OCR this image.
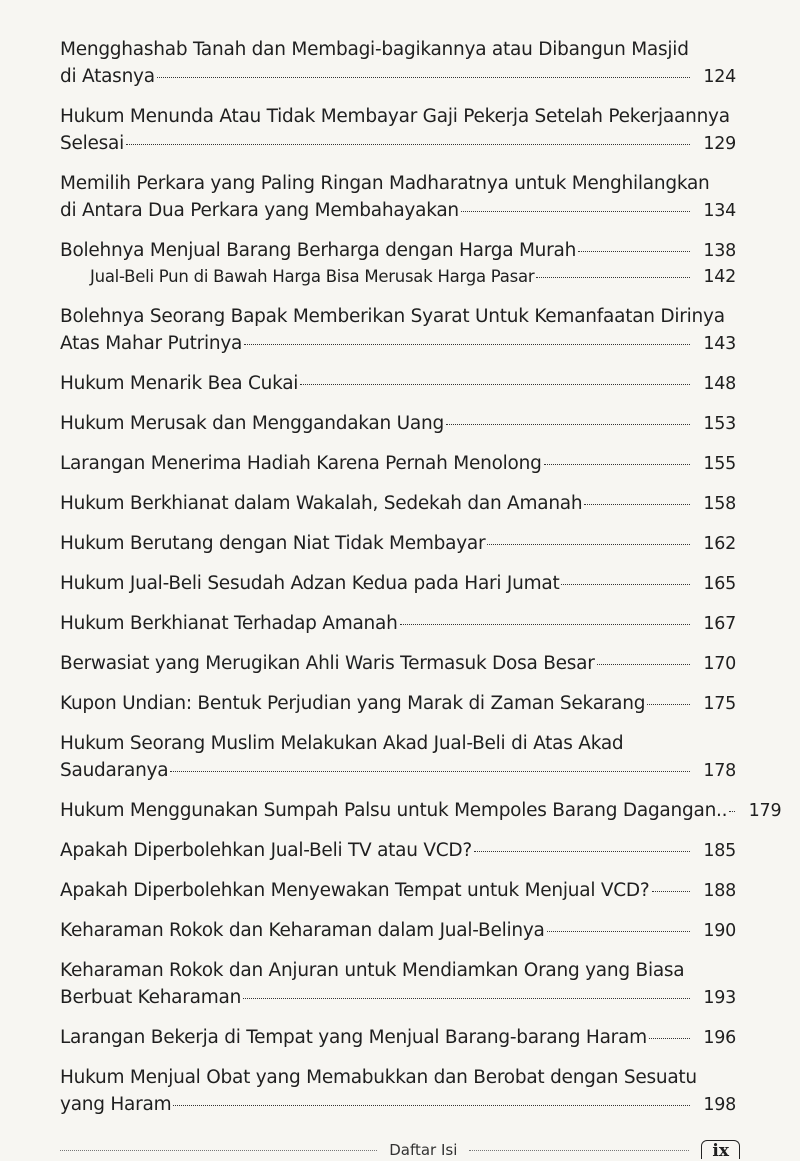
Mengghashab Tanah dan Membagi-bagikannya atau Dibangun Masjid
di Atasnya	124
Hukum Menunda Atau Tidak Membayar Gaji Pekerja Setelah Pekerjaannya
Selesai	129
Memilih Perkara yang Paling Ringan Madharatnya untuk Menghilangkan
di Antara Dua Perkara yang Membahayakan	134
Bolehnya Menjual Barang Berharga dengan Harga Murah	138
Jual-Beli Pun di Bawah Harga Bisa Merusak Harga Pasar	142
Bolehnya Seorang Bapak Memberikan Syarat Untuk Kemanfaatan Dirinya
Atas Mahar Putrinya	143
Hukum Menarik Bea Cukai	148
Hukum Merusak dan Menggandakan Uang	153
Larangan Menerima Hadiah Karena Pernah Menolong	155
Hukum Berkhianat dalam Wakalah, Sedekah dan Amanah	158
Hukum Berutang dengan Niat Tidak Membayar	162
Hukum Jual-Beli Sesudah Adzan Kedua pada Hari Jumat	165
Hukum Berkhianat Terhadap Amanah	167
Berwasiat yang Merugikan Ahli Waris Termasuk Dosa Besar	170
Kupon Undian: Bentuk Perjudian yang Marak di Zaman Sekarang	175
Hukum Seorang Muslim Melakukan Akad Jual-Beli di Atas Akad
Saudaranya	178
Hukum Menggunakan Sumpah Palsu untuk Mempoles Barang Dagangan..	179
Apakah Diperbolehkan Jual-Beli TV atau VCD?	185
Apakah Diperbolehkan Menyewakan Tempat untuk Menjual VCD?	188
Keharaman Rokok dan Keharaman dalam Jual-Belinya	190
Keharaman Rokok dan Anjuran untuk Mendiamkan Orang yang Biasa
Berbuat Keharaman	193
Larangan Bekerja di Tempat yang Menjual Barang-barang Haram	196
Hukum Menjual Obat yang Memabukkan dan Berobat dengan Sesuatu
yang Haram	198
Daftar Isi	ix
